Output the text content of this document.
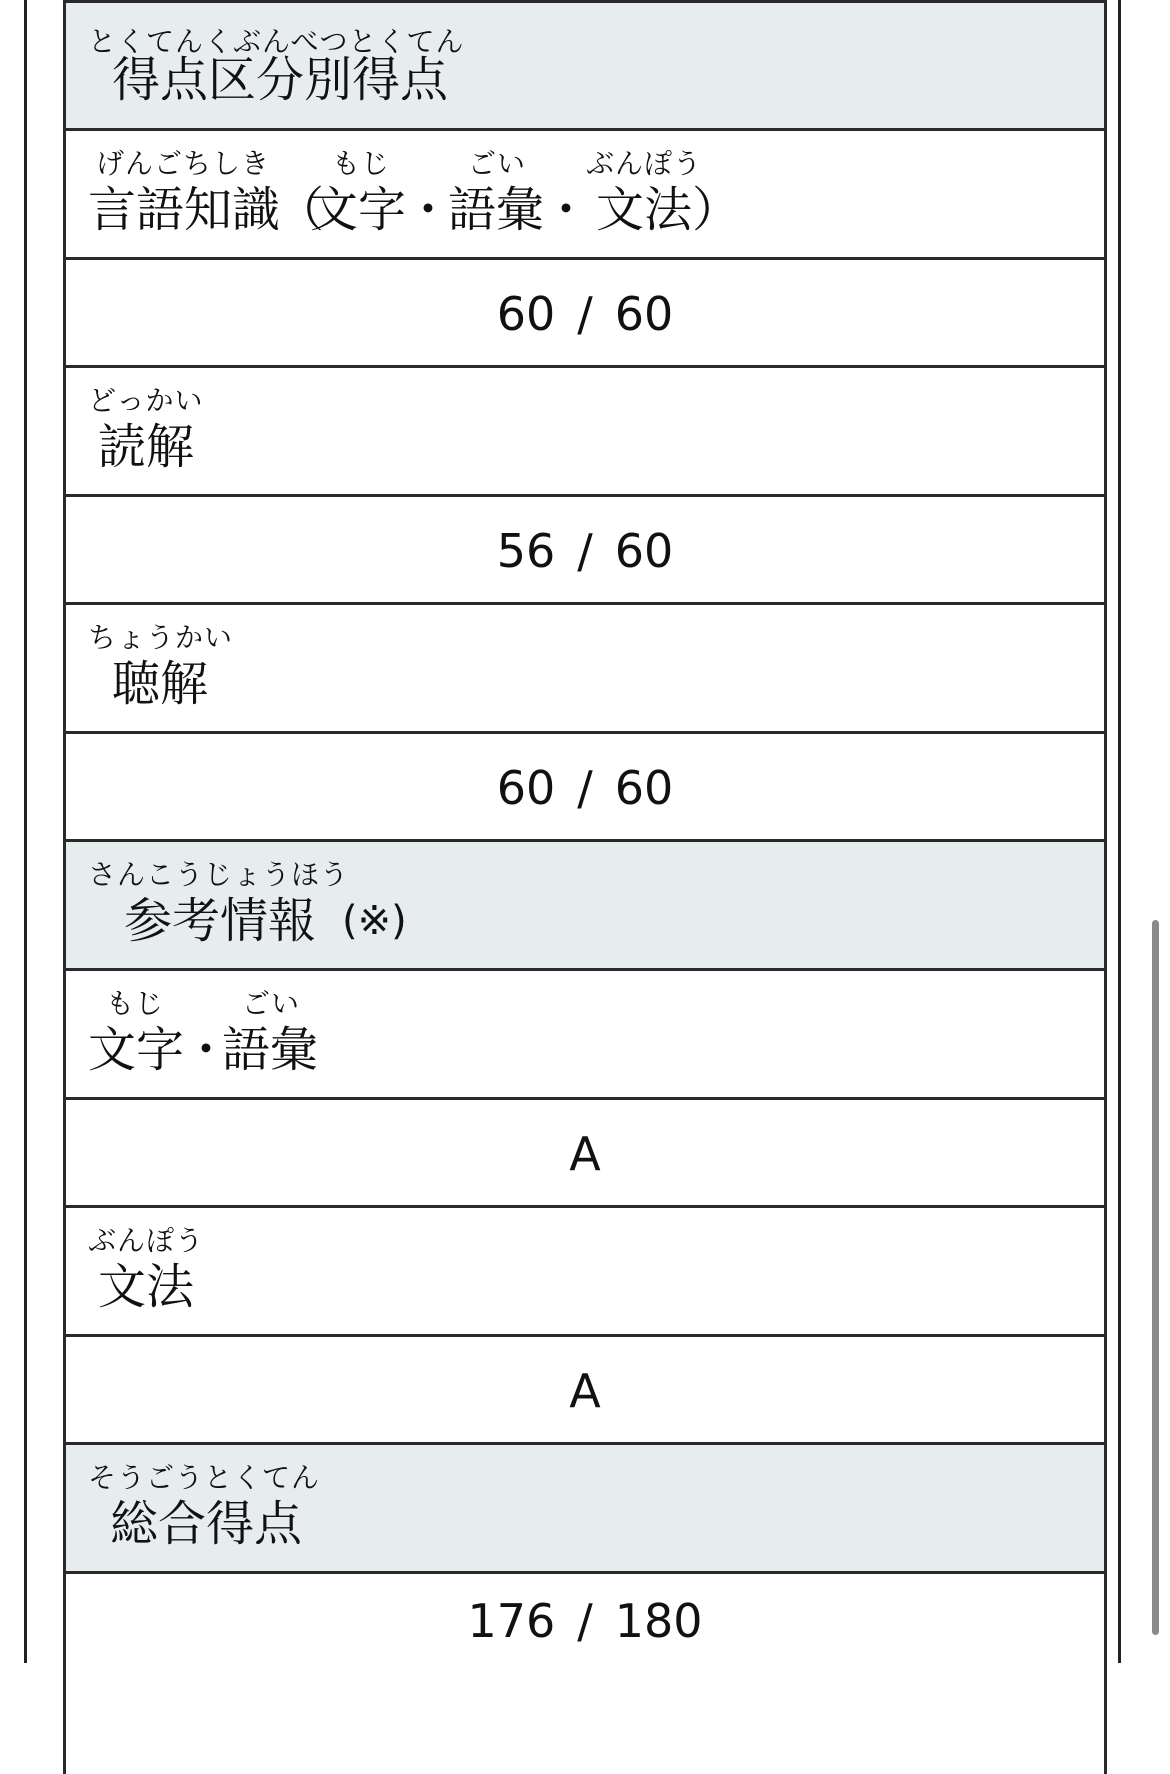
とくてんくぶんべつとくてん
得点区分別得点
げんごちしき もじ	ごい ぶんぽう
言語知識
（
文字
・
語彙
・ 文法 ）
60 / 60
どっかい
読解
56 / 60
ちょうかい
聴解
60 / 60
さんこうじょうほう
参考情報 (※)
もじ	ごい
文字
・
語彙
A
ぶんぽう
文法
A
そうごうとくてん
総合得点
176 / 180
